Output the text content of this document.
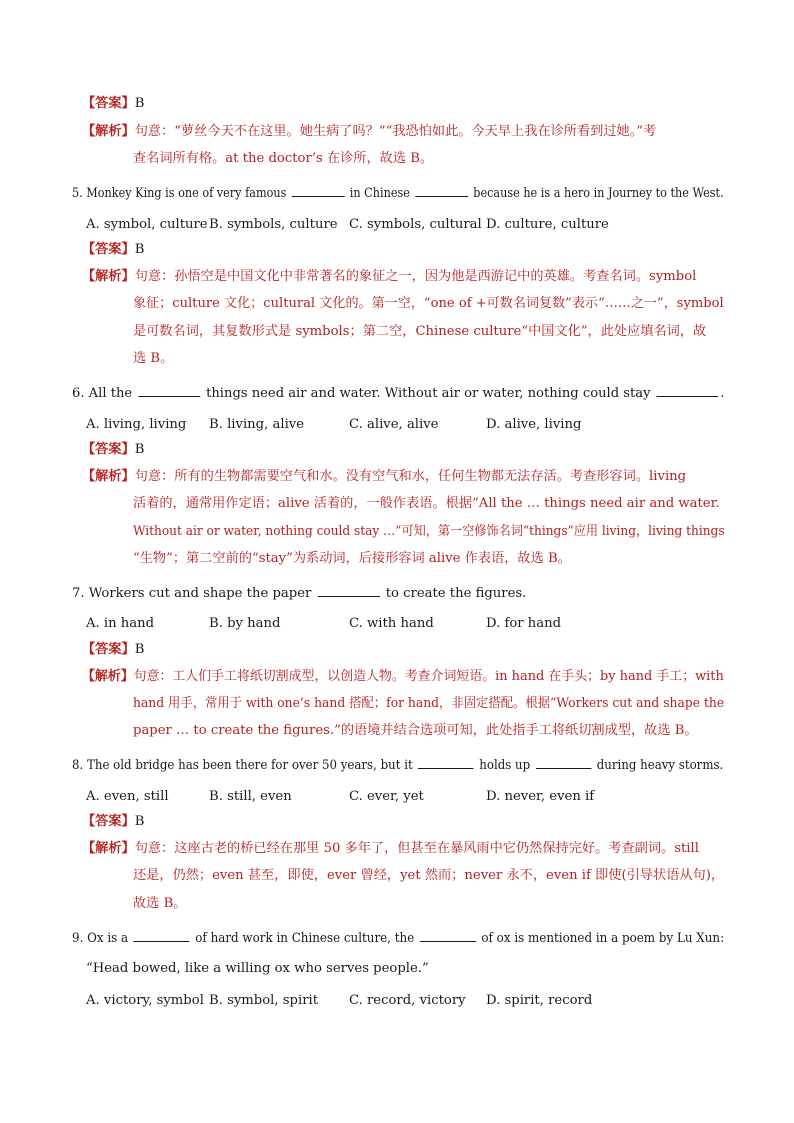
【答案】B
【解析】句意：“萝丝今天不在这里。她生病了吗？”“我恐怕如此。今天早上我在诊所看到过她。”考
查名词所有格。at the doctor’s 在诊所，故选 B。
5. Monkey King is one of very famous	in Chinese	because he is a hero in Journey to the West.
A. symbol, culture B. symbols, culture C. symbols, cultural D. culture, culture
【答案】B
【解析】句意：孙悟空是中国文化中非常著名的象征之一，因为他是西游记中的英雄。考查名词。symbol
象征；culture 文化；cultural 文化的。第一空，“one of +可数名词复数”表示“……之一”，symbol
是可数名词，其复数形式是 symbols；第二空，Chinese culture“中国文化”，此处应填名词，故
选 B。
6. All the	things need air and water. Without air or water, nothing could stay	.
A. living, living B. living, alive	C. alive, alive	D. alive, living
【答案】B
【解析】句意：所有的生物都需要空气和水。没有空气和水，任何生物都无法存活。考查形容词。living
活着的，通常用作定语；alive 活着的，一般作表语。根据“All the … things need air and water.
Without air or water, nothing could stay …”可知，第一空修饰名词“things”应用 living，living things
“生物”；第二空前的“stay”为系动词，后接形容词 alive 作表语，故选 B。
7. Workers cut and shape the paper	to create the figures.
A. in hand	B. by hand	C. with hand	D. for hand
【答案】B
【解析】句意：工人们手工将纸切割成型，以创造人物。考查介词短语。in hand 在手头；by hand 手工；with
hand 用手，常用于 with one’s hand 搭配；for hand，非固定搭配。根据“Workers cut and shape the
paper … to create the figures.”的语境并结合选项可知，此处指手工将纸切割成型，故选 B。
8. The old bridge has been there for over 50 years, but it	holds up	during heavy storms.
A. even, still	B. still, even	C. ever, yet	D. never, even if
【答案】B
【解析】句意：这座古老的桥已经在那里 50 多年了，但甚至在暴风雨中它仍然保持完好。考查副词。still
还是，仍然；even 甚至，即使，ever 曾经，yet 然而；never 永不，even if 即使(引导状语从句)，
故选 B。
9. Ox is a	of hard work in Chinese culture, the	of ox is mentioned in a poem by Lu Xun:
“Head bowed, like a willing ox who serves people.”
A. victory, symbol B. symbol, spirit C. record, victory D. spirit, record
